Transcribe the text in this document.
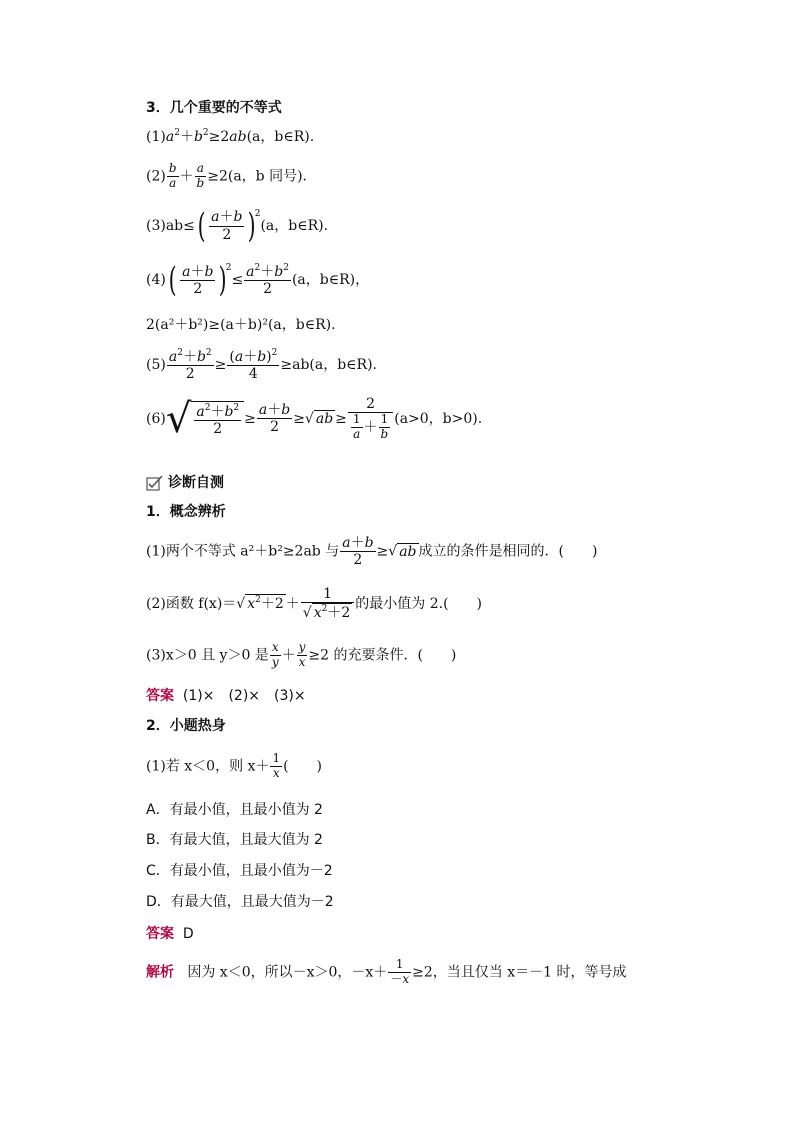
3．几个重要的不等式
$(1)a^2+b^2\ge 2ab(a$，b∈R).
$(2) \frac{b}{a} + \frac{a}{b} \ge 2(a$，b 同号)．
$(3)ab\le( \frac{a+b}{2} )^2(a$，b∈R).
$(4)( \frac{a+b}{2} )^2\le \frac{a^2+b^2}{2} (a$，b∈R)，
2(a²＋b²)≥(a＋b)²(a，b∈R).
$(5) \frac{a^2+b^2}{2} \ge \frac{(a+b)^2}{4} \ge ab(a$，b∈R).
$(6)√ \frac{a^2+b^2}{2} \ge \frac{a+b}{2}$ ≥√ ab ≥ $\frac{2}{\frac{1}{a} + \frac{1}{b}} (a>0$，b>0).
诊断自测
1．概念辨析
(1)两个不等式 a²＋b²≥2ab 与 $\frac{a+b}{2}$ ≥√ ab 成立的条件是相同的．(　　)
(2)函数 f(x)＝√ $x^2+2 + \frac{1}{√ x^2+2}$ 的最小值为 2.(　　)
(3)x＞0 且 y＞0 是 $\frac{x}{y} + \frac{y}{x} \ge 2$ 的充要条件．(　　)
答案 (1)×　(2)×　(3)×
2．小题热身
(1)若 x＜0，则 $x+ \frac{1}{x}$ (　　)
A．有最小值，且最小值为 2
B．有最大值，且最大值为 2
C．有最小值，且最小值为－2
D．有最大值，且最大值为－2
答案 D
解析 因为 x＜0，所以－x＞0，$-x+ \frac{1}{-x} \ge 2$，当且仅当 x＝－1 时，等号成
